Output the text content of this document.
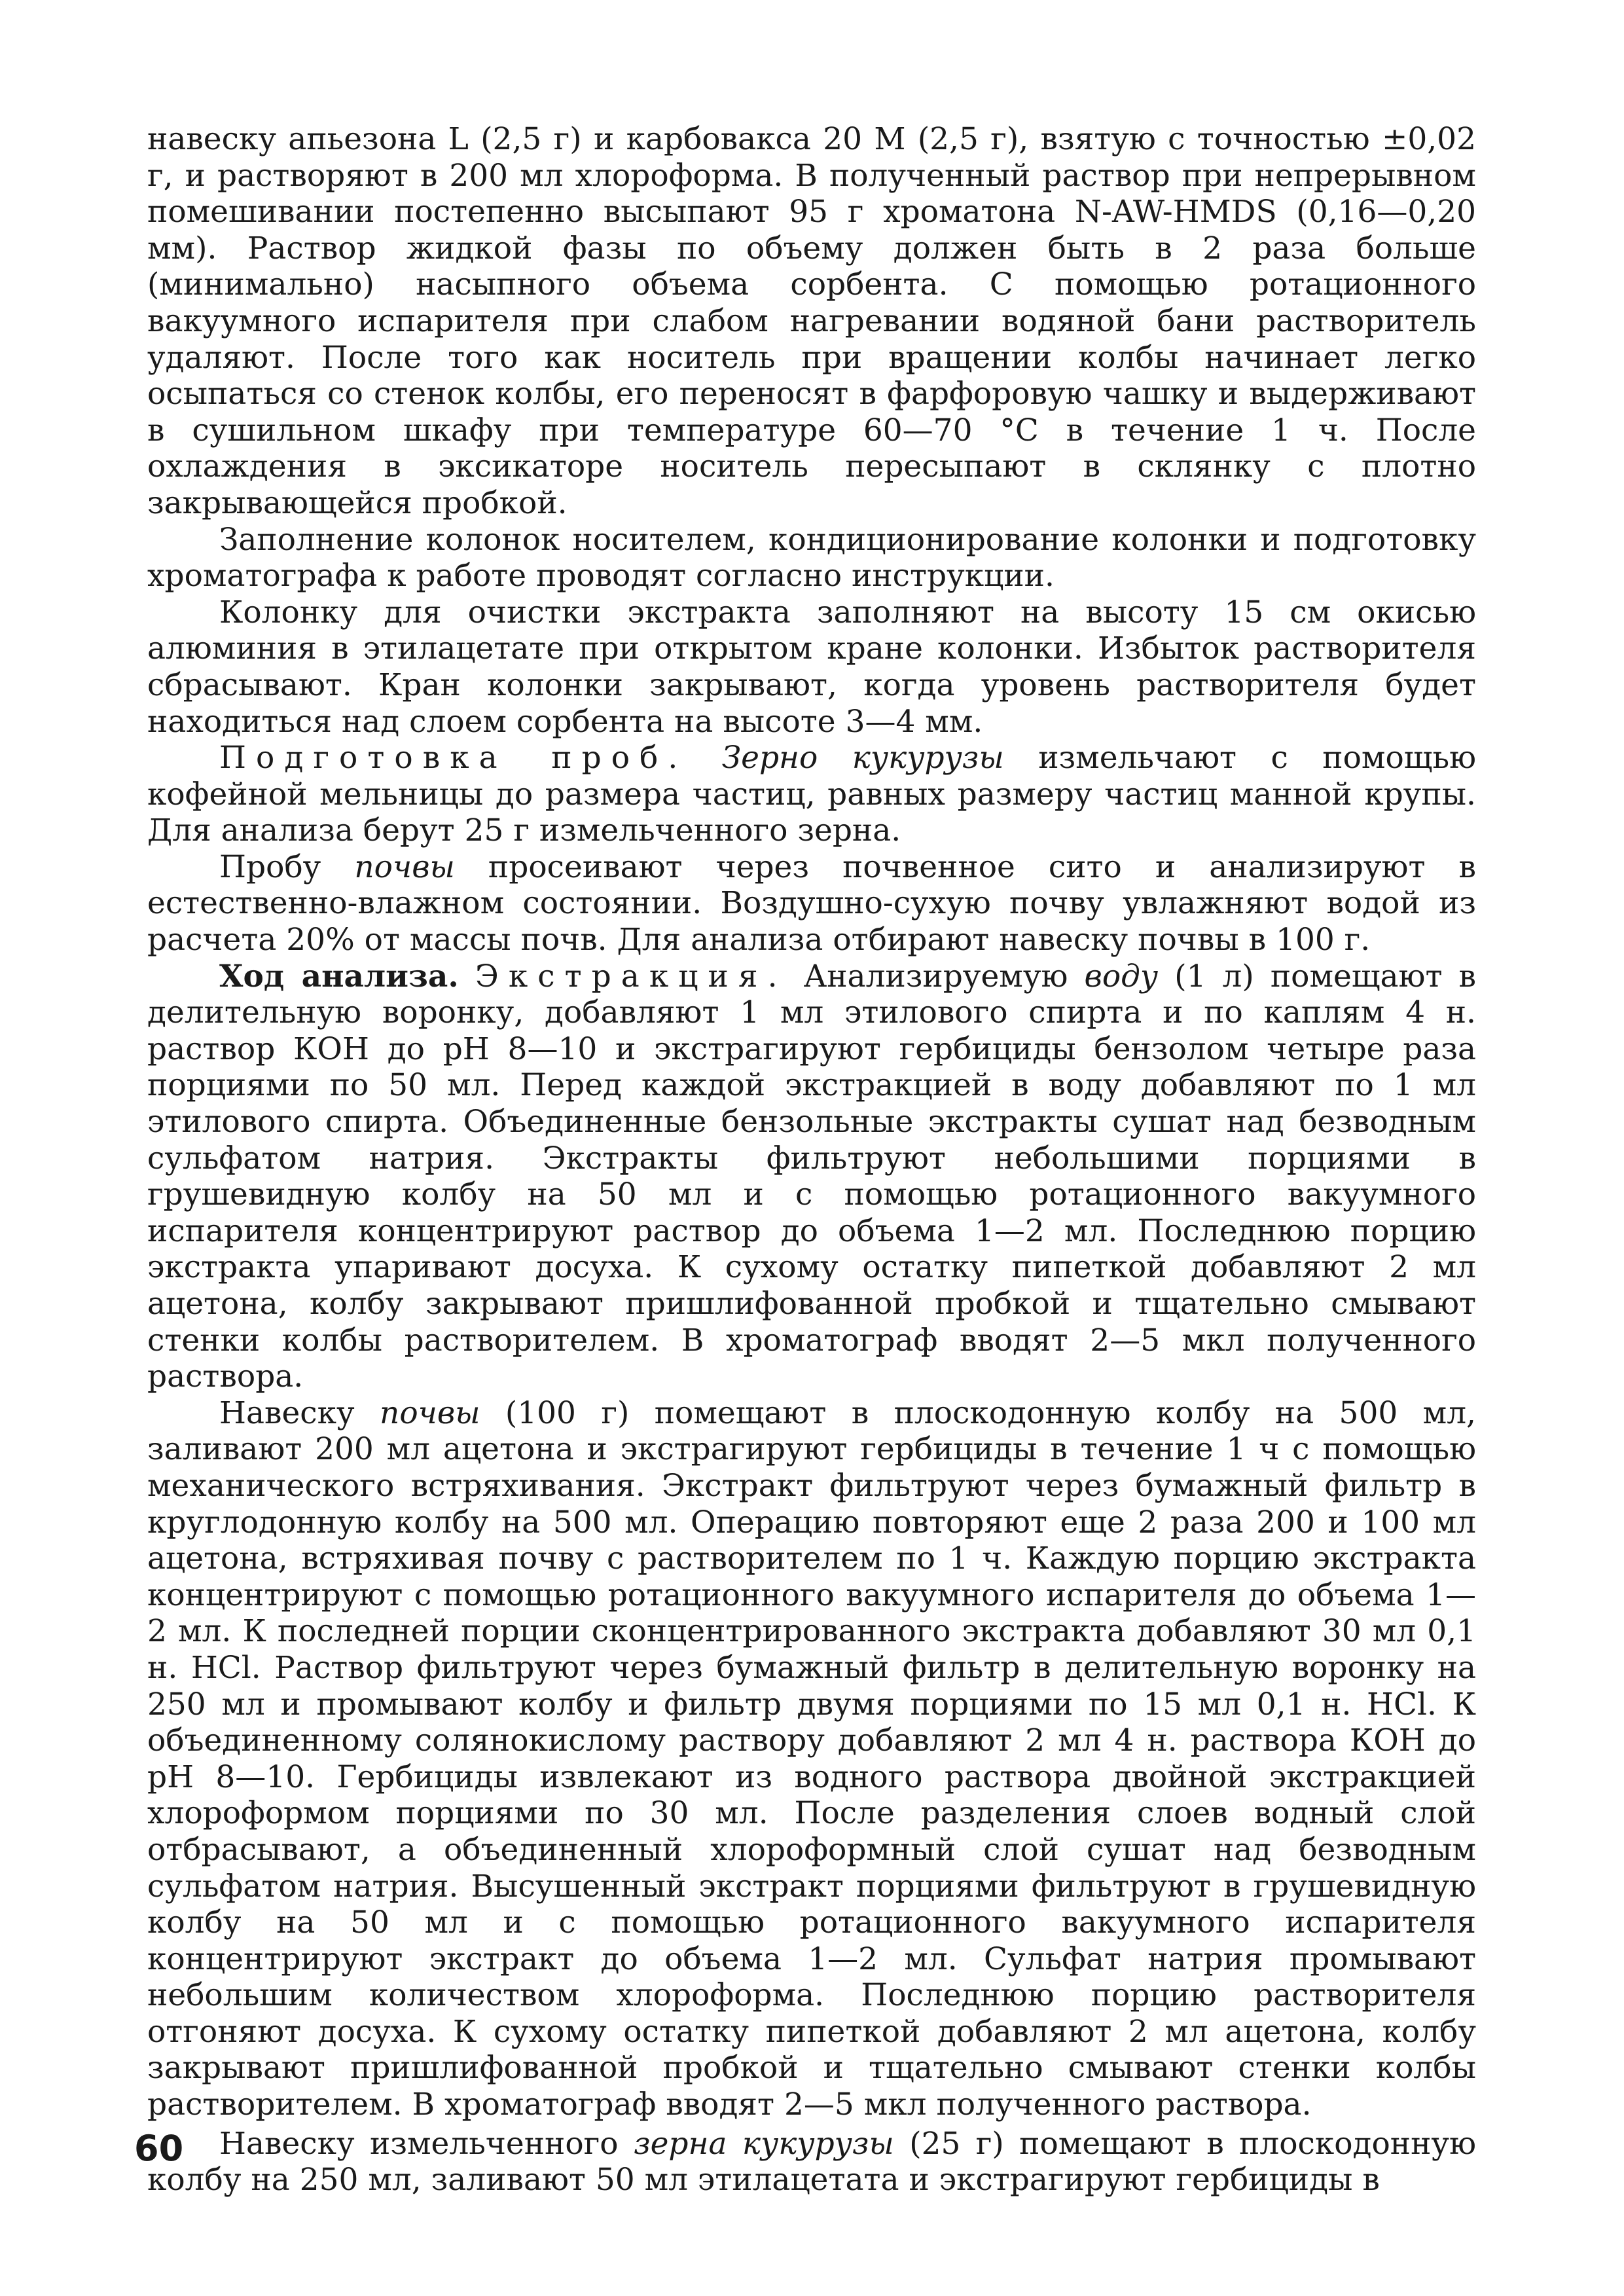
навеску апьезона L (2,5 г) и карбовакса 20 М (2,5 г), взятую с точностью ±0,02 г, и растворяют в 200 мл хлороформа. В полученный раствор при непрерывном помешивании постепенно высыпают 95 г хроматона N-AW-HMDS (0,16—0,20 мм). Раствор жидкой фазы по объему должен быть в 2 раза больше (минимально) насыпного объема сорбента. С помощью ротационного вакуумного испарителя при слабом нагревании водяной бани растворитель удаляют. После того как носитель при вращении колбы начинает легко осыпаться со стенок колбы, его переносят в фарфоровую чашку и выдерживают в сушильном шкафу при температуре 60—70 °С в течение 1 ч. После охлаждения в эксикаторе носитель пересыпают в склянку с плотно закрывающейся пробкой.

Заполнение колонок носителем, кондиционирование колонки и подготовку хроматографа к работе проводят согласно инструкции.

Колонку для очистки экстракта заполняют на высоту 15 см окисью алюминия в этилацетате при открытом кране колонки. Избыток растворителя сбрасывают. Кран колонки закрывают, когда уровень растворителя будет находиться над слоем сорбента на высоте 3—4 мм.

Подготовка проб. Зерно кукурузы измельчают с помощью кофейной мельницы до размера частиц, равных размеру частиц манной крупы. Для анализа берут 25 г измельченного зерна.

Пробу почвы просеивают через почвенное сито и анализируют в естественно-влажном состоянии. Воздушно-сухую почву увлажняют водой из расчета 20% от массы почв. Для анализа отбирают навеску почвы в 100 г.

Ход анализа. Экстракция. Анализируемую воду (1 л) помещают в делительную воронку, добавляют 1 мл этилового спирта и по каплям 4 н. раствор КОН до pH 8—10 и экстрагируют гербициды бензолом четыре раза порциями по 50 мл. Перед каждой экстракцией в воду добавляют по 1 мл этилового спирта. Объединенные бензольные экстракты сушат над безводным сульфатом натрия. Экстракты фильтруют небольшими порциями в грушевидную колбу на 50 мл и с помощью ротационного вакуумного испарителя концентрируют раствор до объема 1—2 мл. Последнюю порцию экстракта упаривают досуха. К сухому остатку пипеткой добавляют 2 мл ацетона, колбу закрывают пришлифованной пробкой и тщательно смывают стенки колбы растворителем. В хроматограф вводят 2—5 мкл полученного раствора.

Навеску почвы (100 г) помещают в плоскодонную колбу на 500 мл, заливают 200 мл ацетона и экстрагируют гербициды в течение 1 ч с помощью механического встряхивания. Экстракт фильтруют через бумажный фильтр в круглодонную колбу на 500 мл. Операцию повторяют еще 2 раза 200 и 100 мл ацетона, встряхивая почву с растворителем по 1 ч. Каждую порцию экстракта концентрируют с помощью ротационного вакуумного испарителя до объема 1—2 мл. К последней порции сконцентрированного экстракта добавляют 30 мл 0,1 н. HCl. Раствор фильтруют через бумажный фильтр в делительную воронку на 250 мл и промывают колбу и фильтр двумя порциями по 15 мл 0,1 н. HCl. К объединенному солянокислому раствору добавляют 2 мл 4 н. раствора КОН до pH 8—10. Гербициды извлекают из водного раствора двойной экстракцией хлороформом порциями по 30 мл. После разделения слоев водный слой отбрасывают, а объединенный хлороформный слой сушат над безводным сульфатом натрия. Высушенный экстракт порциями фильтруют в грушевидную колбу на 50 мл и с помощью ротационного вакуумного испарителя концентрируют экстракт до объема 1—2 мл. Сульфат натрия промывают небольшим количеством хлороформа. Последнюю порцию растворителя отгоняют досуха. К сухому остатку пипеткой добавляют 2 мл ацетона, колбу закрывают пришлифованной пробкой и тщательно смывают стенки колбы растворителем. В хроматограф вводят 2—5 мкл полученного раствора.

Навеску измельченного зерна кукурузы (25 г) помещают в плоскодонную колбу на 250 мл, заливают 50 мл этилацетата и экстрагируют гербициды в

60
